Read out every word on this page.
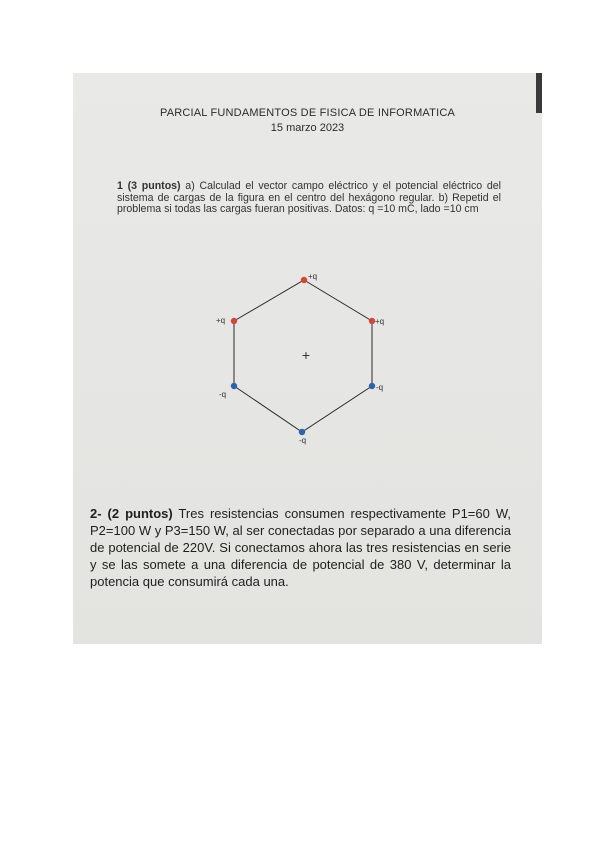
PARCIAL FUNDAMENTOS DE FISICA DE INFORMATICA

15 marzo 2023

1 (3 puntos) a) Calculad el vector campo eléctrico y el potencial eléctrico del sistema de cargas de la figura en el centro del hexágono regular. b) Repetid el problema si todas las cargas fueran positivas. Datos: q =10 mC, lado =10 cm

+
+q
+q
-q
-q
-q
+q

2- (2 puntos) Tres resistencias consumen respectivamente P1=60 W, P2=100 W y P3=150 W, al ser conectadas por separado a una diferencia de potencial de 220V. Si conectamos ahora las tres resistencias en serie y se las somete a una diferencia de potencial de 380 V, determinar la potencia que consumirá cada una.
